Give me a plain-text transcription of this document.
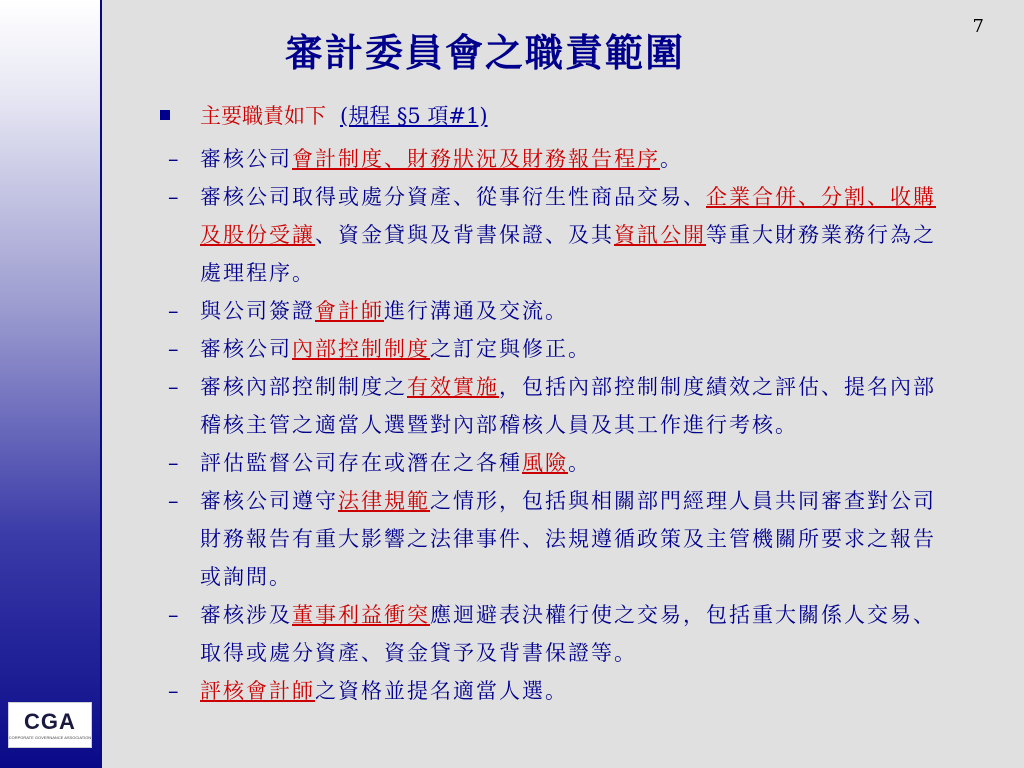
CGA
CORPORATE GOVERNANCE ASSOCIATION
審計委員會之職責範圍
7
主要職責如下 (規程 §5 項#1)
–	審核公司會計制度、財務狀況及財務報告程序。
–	審核公司取得或處分資產、從事衍生性商品交易、企業合併、分割、收購及股份受讓、資金貸與及背書保證、及其資訊公開等重大財務業務行為之處理程序。
–	與公司簽證會計師進行溝通及交流。
–	審核公司內部控制制度之訂定與修正。
–	審核內部控制制度之有效實施，包括內部控制制度績效之評估、提名內部稽核主管之適當人選暨對內部稽核人員及其工作進行考核。
–	評估監督公司存在或潛在之各種風險。
–	審核公司遵守法律規範之情形，包括與相關部門經理人員共同審查對公司財務報告有重大影響之法律事件、法規遵循政策及主管機關所要求之報告或詢問。
–	審核涉及董事利益衝突應迴避表決權行使之交易，包括重大關係人交易、取得或處分資產、資金貸予及背書保證等。
–	評核會計師之資格並提名適當人選。
